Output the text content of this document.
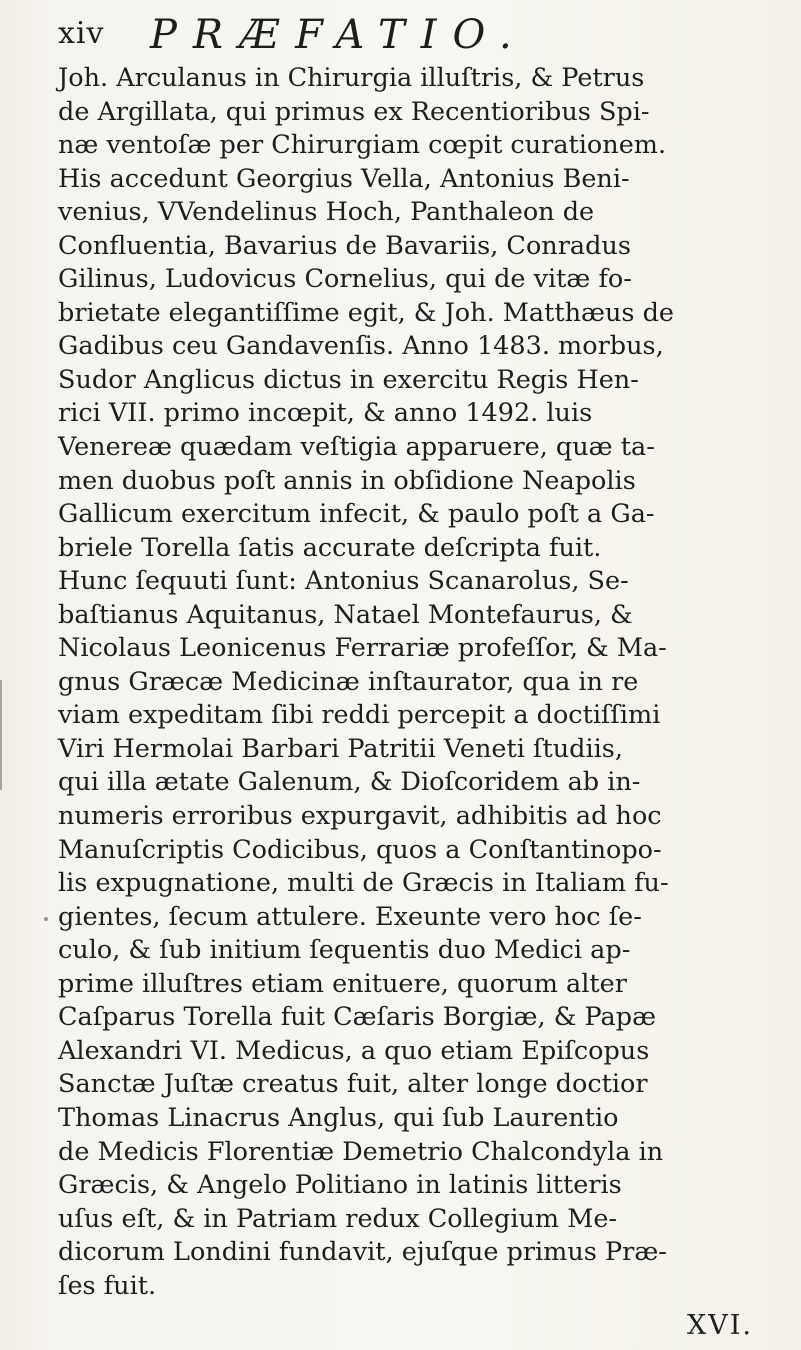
xiv PRÆFATIO.
Joh. Arculanus in Chirurgia illuſtris, & Petrus
de Argillata, qui primus ex Recentioribus Spi-
næ ventoſæ per Chirurgiam cœpit curationem.
His accedunt Georgius Vella, Antonius Beni-
venius, VVendelinus Hoch, Panthaleon de
Confluentia, Bavarius de Bavariis, Conradus
Gilinus, Ludovicus Cornelius, qui de vitæ fo-
brietate elegantiſſime egit, & Joh. Matthæus de
Gadibus ceu Gandavenſis. Anno 1483. morbus,
Sudor Anglicus dictus in exercitu Regis Hen-
rici VII. primo incœpit, & anno 1492. luis
Venereæ quædam veſtigia apparuere, quæ ta-
men duobus poſt annis in obſidione Neapolis
Gallicum exercitum infecit, & paulo poſt a Ga-
briele Torella ſatis accurate deſcripta fuit.
Hunc ſequuti ſunt: Antonius Scanarolus, Se-
baſtianus Aquitanus, Natael Montefaurus, &
Nicolaus Leonicenus Ferrariæ profeſſor, & Ma-
gnus Græcæ Medicinæ inſtaurator, qua in re
viam expeditam ſibi reddi percepit a doctiſſimi
Viri Hermolai Barbari Patritii Veneti ſtudiis,
qui illa ætate Galenum, & Dioſcoridem ab in-
numeris erroribus expurgavit, adhibitis ad hoc
Manuſcriptis Codicibus, quos a Conſtantinopo-
lis expugnatione, multi de Græcis in Italiam fu-
gientes, ſecum attulere. Exeunte vero hoc ſe-
culo, & ſub initium ſequentis duo Medici ap-
prime illuſtres etiam enituere, quorum alter
Caſparus Torella fuit Cæſaris Borgiæ, & Papæ
Alexandri VI. Medicus, a quo etiam Epiſcopus
Sanctæ Juſtæ creatus fuit, alter longe doctior
Thomas Linacrus Anglus, qui ſub Laurentio
de Medicis Florentiæ Demetrio Chalcondyla in
Græcis, & Angelo Politiano in latinis litteris
uſus eſt, & in Patriam redux Collegium Me-
dicorum Londini fundavit, ejuſque primus Præ-
ſes fuit.
XVI.
